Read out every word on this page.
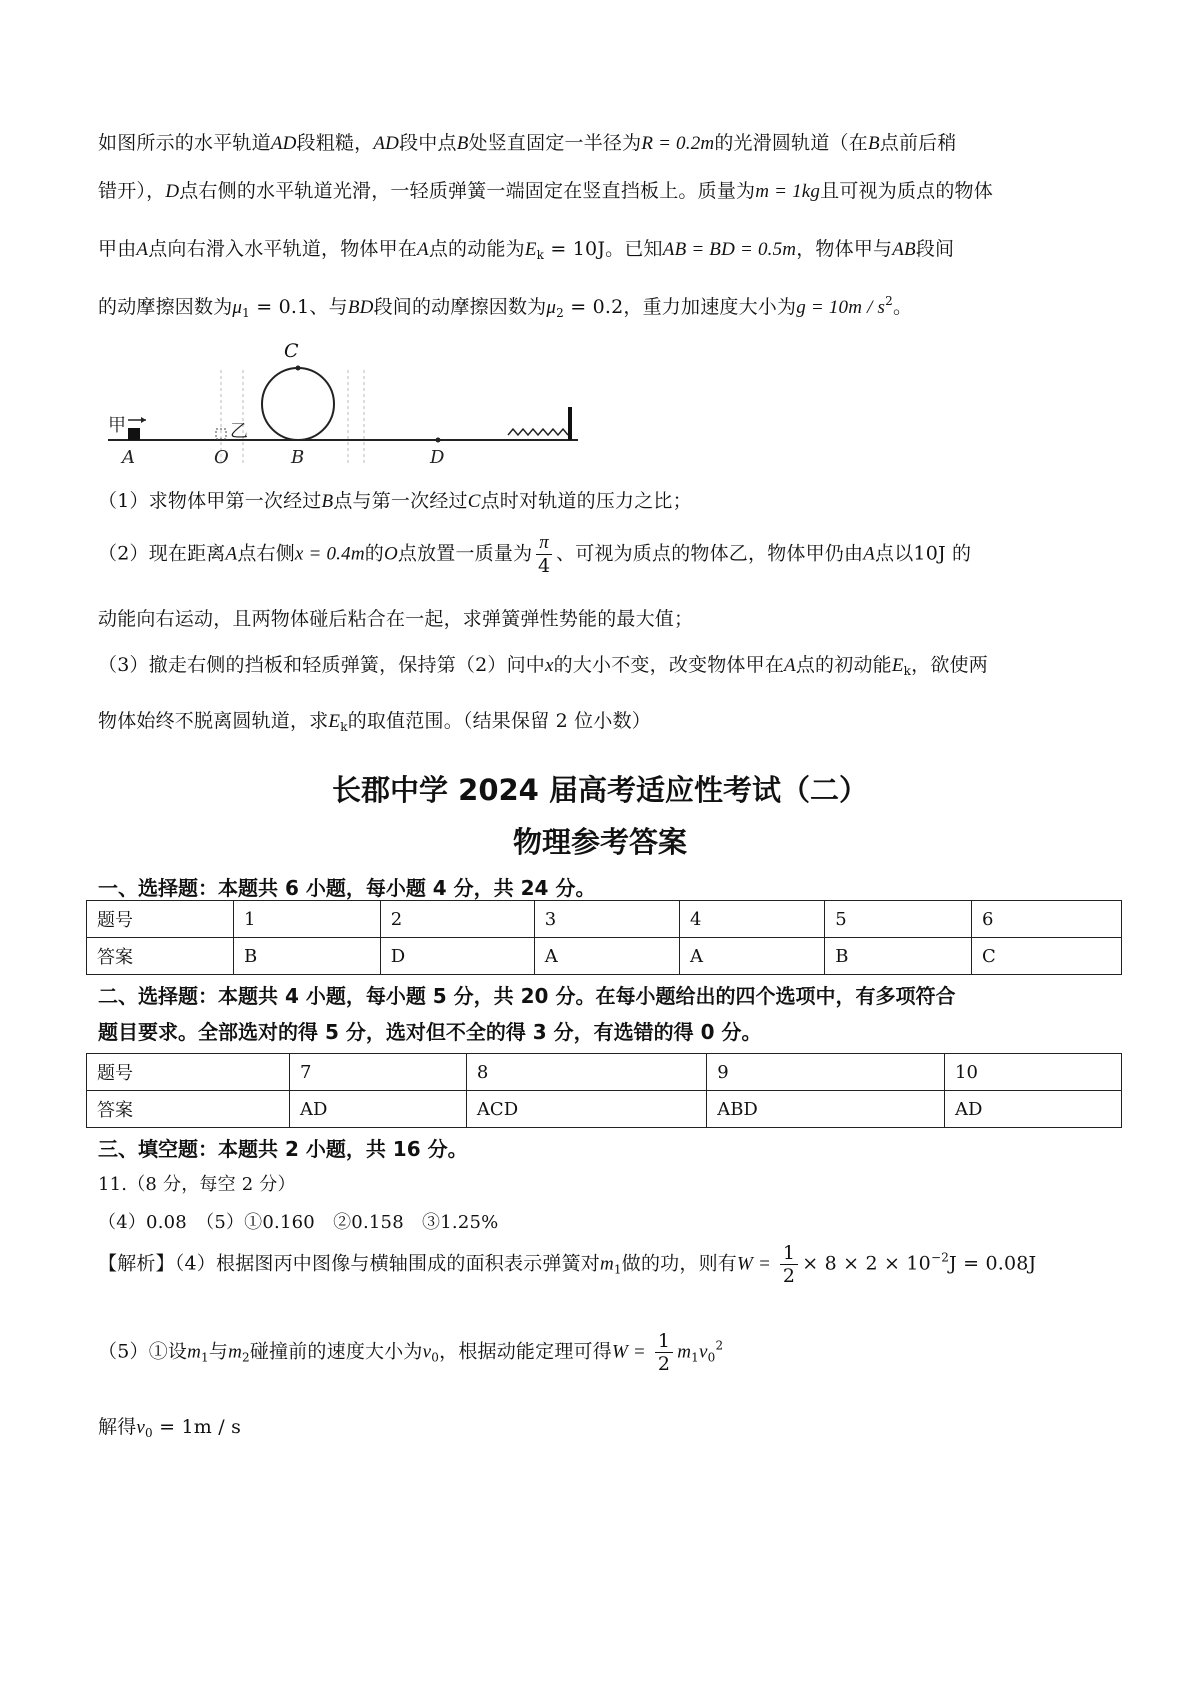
如图所示的水平轨道AD段粗糙，AD段中点B处竖直固定一半径为R = 0.2m的光滑圆轨道（在B点前后稍
错开），D点右侧的水平轨道光滑，一轻质弹簧一端固定在竖直挡板上。质量为m = 1kg且可视为质点的物体
甲由A点向右滑入水平轨道，物体甲在A点的动能为$E_k = 10J$。已知AB = BD = 0.5m，物体甲与AB段间
的动摩擦因数为$\mu_1 = 0.1$、与BD段间的动摩擦因数为$\mu_2 = 0.2$，重力加速度大小为$g = 10m / s^2$。
甲	乙
A	O	B	D
C
（1）求物体甲第一次经过B点与第一次经过C点时对轨道的压力之比；
（2）现在距离A点右侧x = 0.4m的O点放置一质量为 $\frac{\pi}{4}$ 、可视为质点的物体乙，物体甲仍由A点以10J 的
动能向右运动，且两物体碰后粘合在一起，求弹簧弹性势能的最大值；
（3）撤走右侧的挡板和轻质弹簧，保持第（2）问中x的大小不变，改变物体甲在A点的初动能$E_k$，欲使两
物体始终不脱离圆轨道，求$E_k$的取值范围。（结果保留 2 位小数）
长郡中学 2024 届高考适应性考试（二）
物理参考答案
一、选择题：本题共 6 小题，每小题 4 分，共 24 分。
题号	1	2	3	4	5	6
答案	B	D	A	A	B	C
二、选择题：本题共 4 小题，每小题 5 分，共 20 分。在每小题给出的四个选项中，有多项符合
题目要求。全部选对的得 5 分，选对但不全的得 3 分，有选错的得 0 分。
题号	7	8	9	10
答案	AD	ACD	ABD	AD
三、填空题：本题共 2 小题，共 16 分。
11.（8 分，每空 2 分）
（4）0.08　（5）①0.160　②0.158　③1.25%
【解析】（4）根据图丙中图像与横轴围成的面积表示弹簧对$m_1$做的功，则有$W = \frac{1}{2} \times 8 \times 2 \times 10^{-2}J = 0.08J$
（5）①设$m_1$与$m_2$碰撞前的速度大小为$v_0$，根据动能定理可得$W = \frac{1}{2} m_1v_0^2$
解得$v_0 = 1m / s$
